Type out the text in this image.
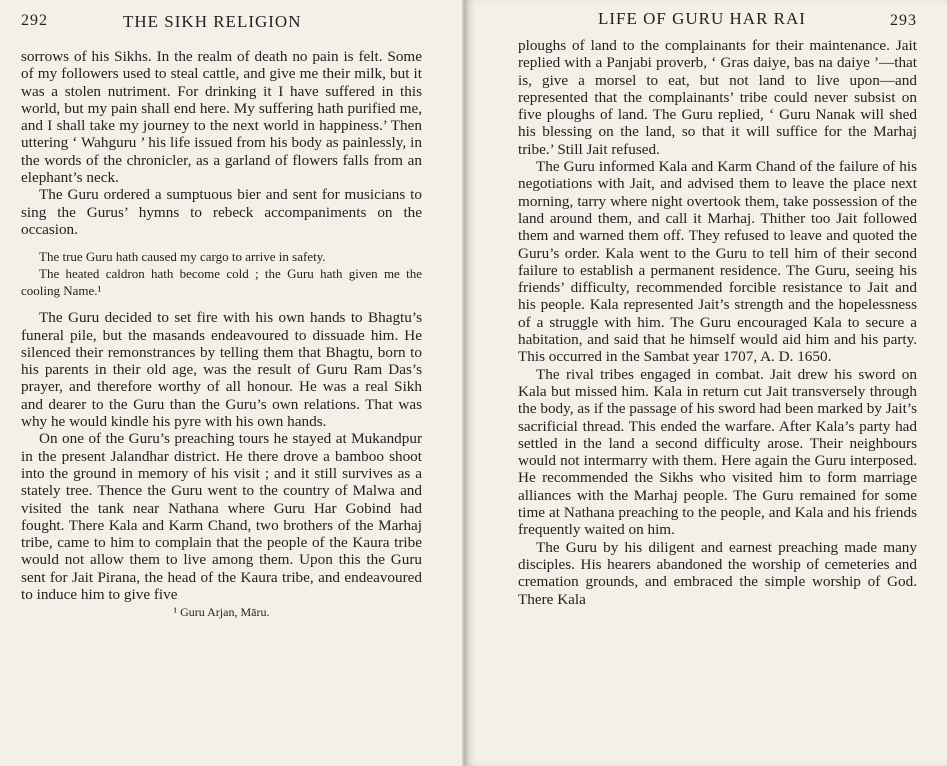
292	THE SIKH RELIGION

sorrows of his Sikhs. In the realm of death no pain is felt. Some of my followers used to steal cattle, and give me their milk, but it was a stolen nutriment. For drinking it I have suffered in this world, but my pain shall end here. My suffering hath purified me, and I shall take my journey to the next world in happiness.’ Then uttering ‘ Wahguru ’ his life issued from his body as painlessly, in the words of the chronicler, as a garland of flowers falls from an elephant’s neck.

The Guru ordered a sumptuous bier and sent for musicians to sing the Gurus’ hymns to rebeck accompaniments on the occasion.

The true Guru hath caused my cargo to arrive in safety.

The heated caldron hath become cold ; the Guru hath given me the cooling Name.¹

The Guru decided to set fire with his own hands to Bhagtu’s funeral pile, but the masands endeavoured to dissuade him. He silenced their remonstrances by telling them that Bhagtu, born to his parents in their old age, was the result of Guru Ram Das’s prayer, and therefore worthy of all honour. He was a real Sikh and dearer to the Guru than the Guru’s own relations. That was why he would kindle his pyre with his own hands.

On one of the Guru’s preaching tours he stayed at Mukandpur in the present Jalandhar district. He there drove a bamboo shoot into the ground in memory of his visit ; and it still survives as a stately tree. Thence the Guru went to the country of Malwa and visited the tank near Nathana where Guru Har Gobind had fought. There Kala and Karm Chand, two brothers of the Marhaj tribe, came to him to complain that the people of the Kaura tribe would not allow them to live among them. Upon this the Guru sent for Jait Pirana, the head of the Kaura tribe, and endeavoured to induce him to give five

¹ Guru Arjan, Māru.
LIFE OF GURU HAR RAI	293

ploughs of land to the complainants for their maintenance. Jait replied with a Panjabi proverb, ‘ Gras daiye, bas na daiye ’—that is, give a morsel to eat, but not land to live upon—and represented that the complainants’ tribe could never subsist on five ploughs of land. The Guru replied, ‘ Guru Nanak will shed his blessing on the land, so that it will suffice for the Marhaj tribe.’ Still Jait refused.

The Guru informed Kala and Karm Chand of the failure of his negotiations with Jait, and advised them to leave the place next morning, tarry where night overtook them, take possession of the land around them, and call it Marhaj. Thither too Jait followed them and warned them off. They refused to leave and quoted the Guru’s order. Kala went to the Guru to tell him of their second failure to establish a permanent residence. The Guru, seeing his friends’ difficulty, recommended forcible resistance to Jait and his people. Kala represented Jait’s strength and the hopelessness of a struggle with him. The Guru encouraged Kala to secure a habitation, and said that he himself would aid him and his party. This occurred in the Sambat year 1707, A. D. 1650.

The rival tribes engaged in combat. Jait drew his sword on Kala but missed him. Kala in return cut Jait transversely through the body, as if the passage of his sword had been marked by Jait’s sacrificial thread. This ended the warfare. After Kala’s party had settled in the land a second difficulty arose. Their neighbours would not intermarry with them. Here again the Guru interposed. He recommended the Sikhs who visited him to form marriage alliances with the Marhaj people. The Guru remained for some time at Nathana preaching to the people, and Kala and his friends frequently waited on him.

The Guru by his diligent and earnest preaching made many disciples. His hearers abandoned the worship of cemeteries and cremation grounds, and embraced the simple worship of God. There Kala
